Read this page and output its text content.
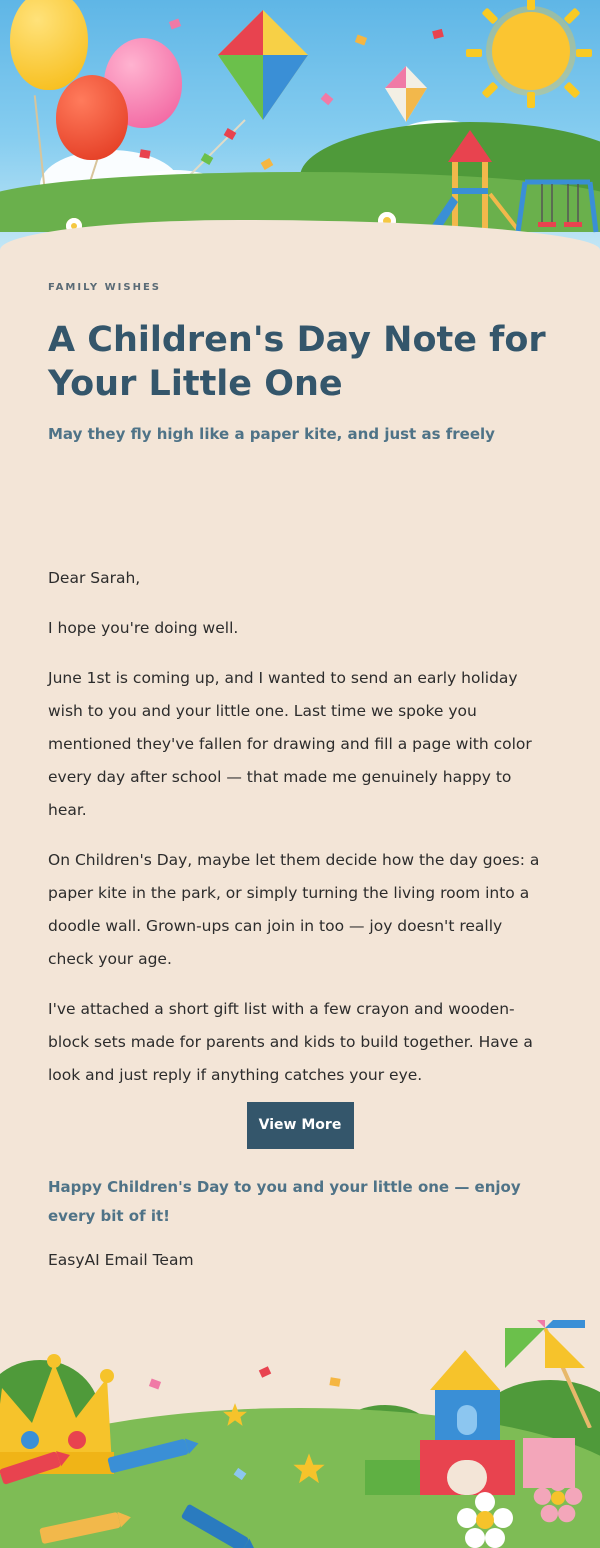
FAMILY WISHES
A Children's Day Note for Your Little One
May they fly high like a paper kite, and just as freely

Dear Sarah,

I hope you're doing well.

June 1st is coming up, and I wanted to send an early holiday wish to you and your little one. Last time we spoke you mentioned they've fallen for drawing and fill a page with color every day after school — that made me genuinely happy to hear.

On Children's Day, maybe let them decide how the day goes: a paper kite in the park, or simply turning the living room into a doodle wall. Grown-ups can join in too — joy doesn't really check your age.

I've attached a short gift list with a few crayon and wooden-block sets made for parents and kids to build together. Have a look and just reply if anything catches your eye.

View More
Happy Children's Day to you and your little one — enjoy every bit of it!
EasyAI Email Team
